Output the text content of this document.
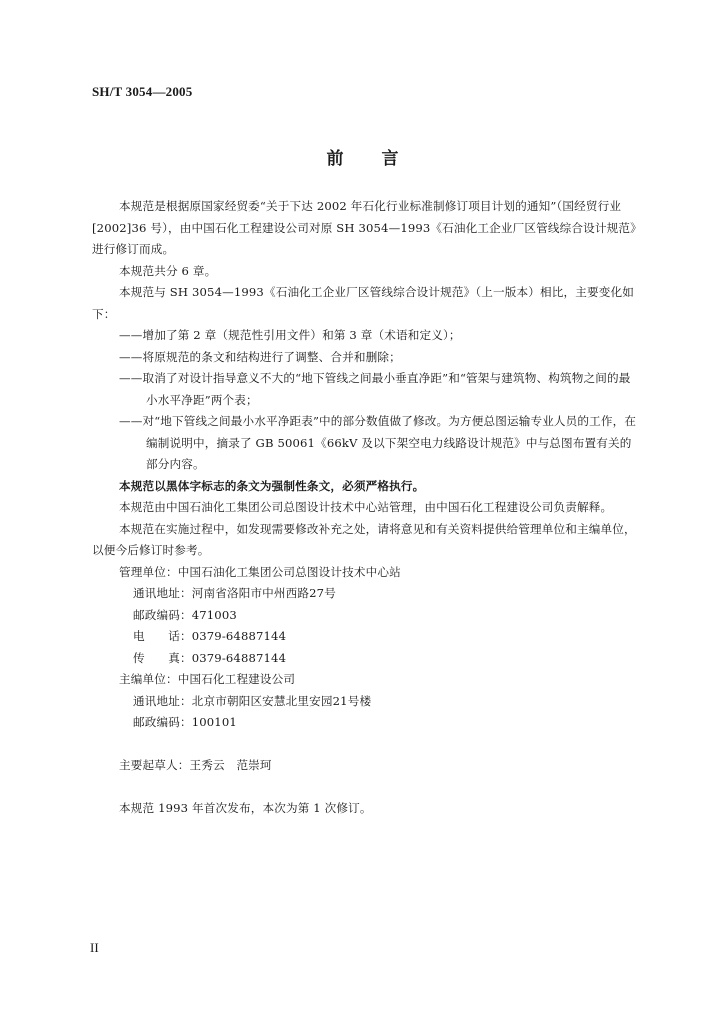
SH/T 3054—2005
前 言

本规范是根据原国家经贸委“关于下达 2002 年石化行业标准制修订项目计划的通知”（国经贸行业[2002]36 号），由中国石化工程建设公司对原 SH 3054—1993《石油化工企业厂区管线综合设计规范》进行修订而成。

本规范共分 6 章。

本规范与 SH 3054—1993《石油化工企业厂区管线综合设计规范》（上一版本）相比，主要变化如下：

——增加了第 2 章（规范性引用文件）和第 3 章（术语和定义）；

——将原规范的条文和结构进行了调整、合并和删除；

——取消了对设计指导意义不大的“地下管线之间最小垂直净距”和“管架与建筑物、构筑物之间的最小水平净距”两个表；

——对“地下管线之间最小水平净距表”中的部分数值做了修改。为方便总图运输专业人员的工作，在编制说明中，摘录了 GB 50061《66kV 及以下架空电力线路设计规范》中与总图布置有关的部分内容。

本规范以黑体字标志的条文为强制性条文，必须严格执行。

本规范由中国石油化工集团公司总图设计技术中心站管理，由中国石化工程建设公司负责解释。

本规范在实施过程中，如发现需要修改补充之处，请将意见和有关资料提供给管理单位和主编单位，以便今后修订时参考。

管理单位：中国石油化工集团公司总图设计技术中心站

通讯地址：河南省洛阳市中州西路27号

邮政编码：471003

电　　话：0379-64887144

传　　真：0379-64887144

主编单位：中国石化工程建设公司

通讯地址：北京市朝阳区安慧北里安园21号楼

邮政编码：100101

主要起草人：王秀云　范崇珂

本规范 1993 年首次发布，本次为第 1 次修订。

II
